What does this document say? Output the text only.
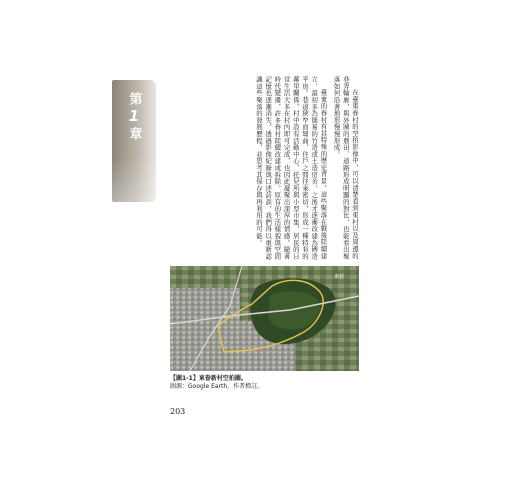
第
1
章	在臺東眷村的空拍影像中，可以清楚看到東村以及周邊的巷弄輪廓，與外圍的農田、道路形成明顯的對比，也能看出聚落如何沿著地形慢慢形成。

臺東的眷村有其特殊的歷史背景。這些聚落在戰後陸續建立，最初多為簡易的竹造或土造房舍，之後才逐漸改建為磚造平房。巷道狹窄而彎曲，住戶之間往來密切，形成一種特有的鄰里關係。村中設有活動中心、托兒所與小型市集，居民的日常生活大多在村內即可完成，也因此凝聚出深厚的情感。隨著時代變遷，許多眷村陸續改建或拆除，原有的生活樣貌與空間記憶也逐漸消失。透過影像紀錄與口述訪談，我們得以重新認識這些聚落的發展歷程，並思考其保存與再利用的可能。

東村
【圖1-1】東眷新村空拍圖。
圖源：Google Earth，作者標註。
203
